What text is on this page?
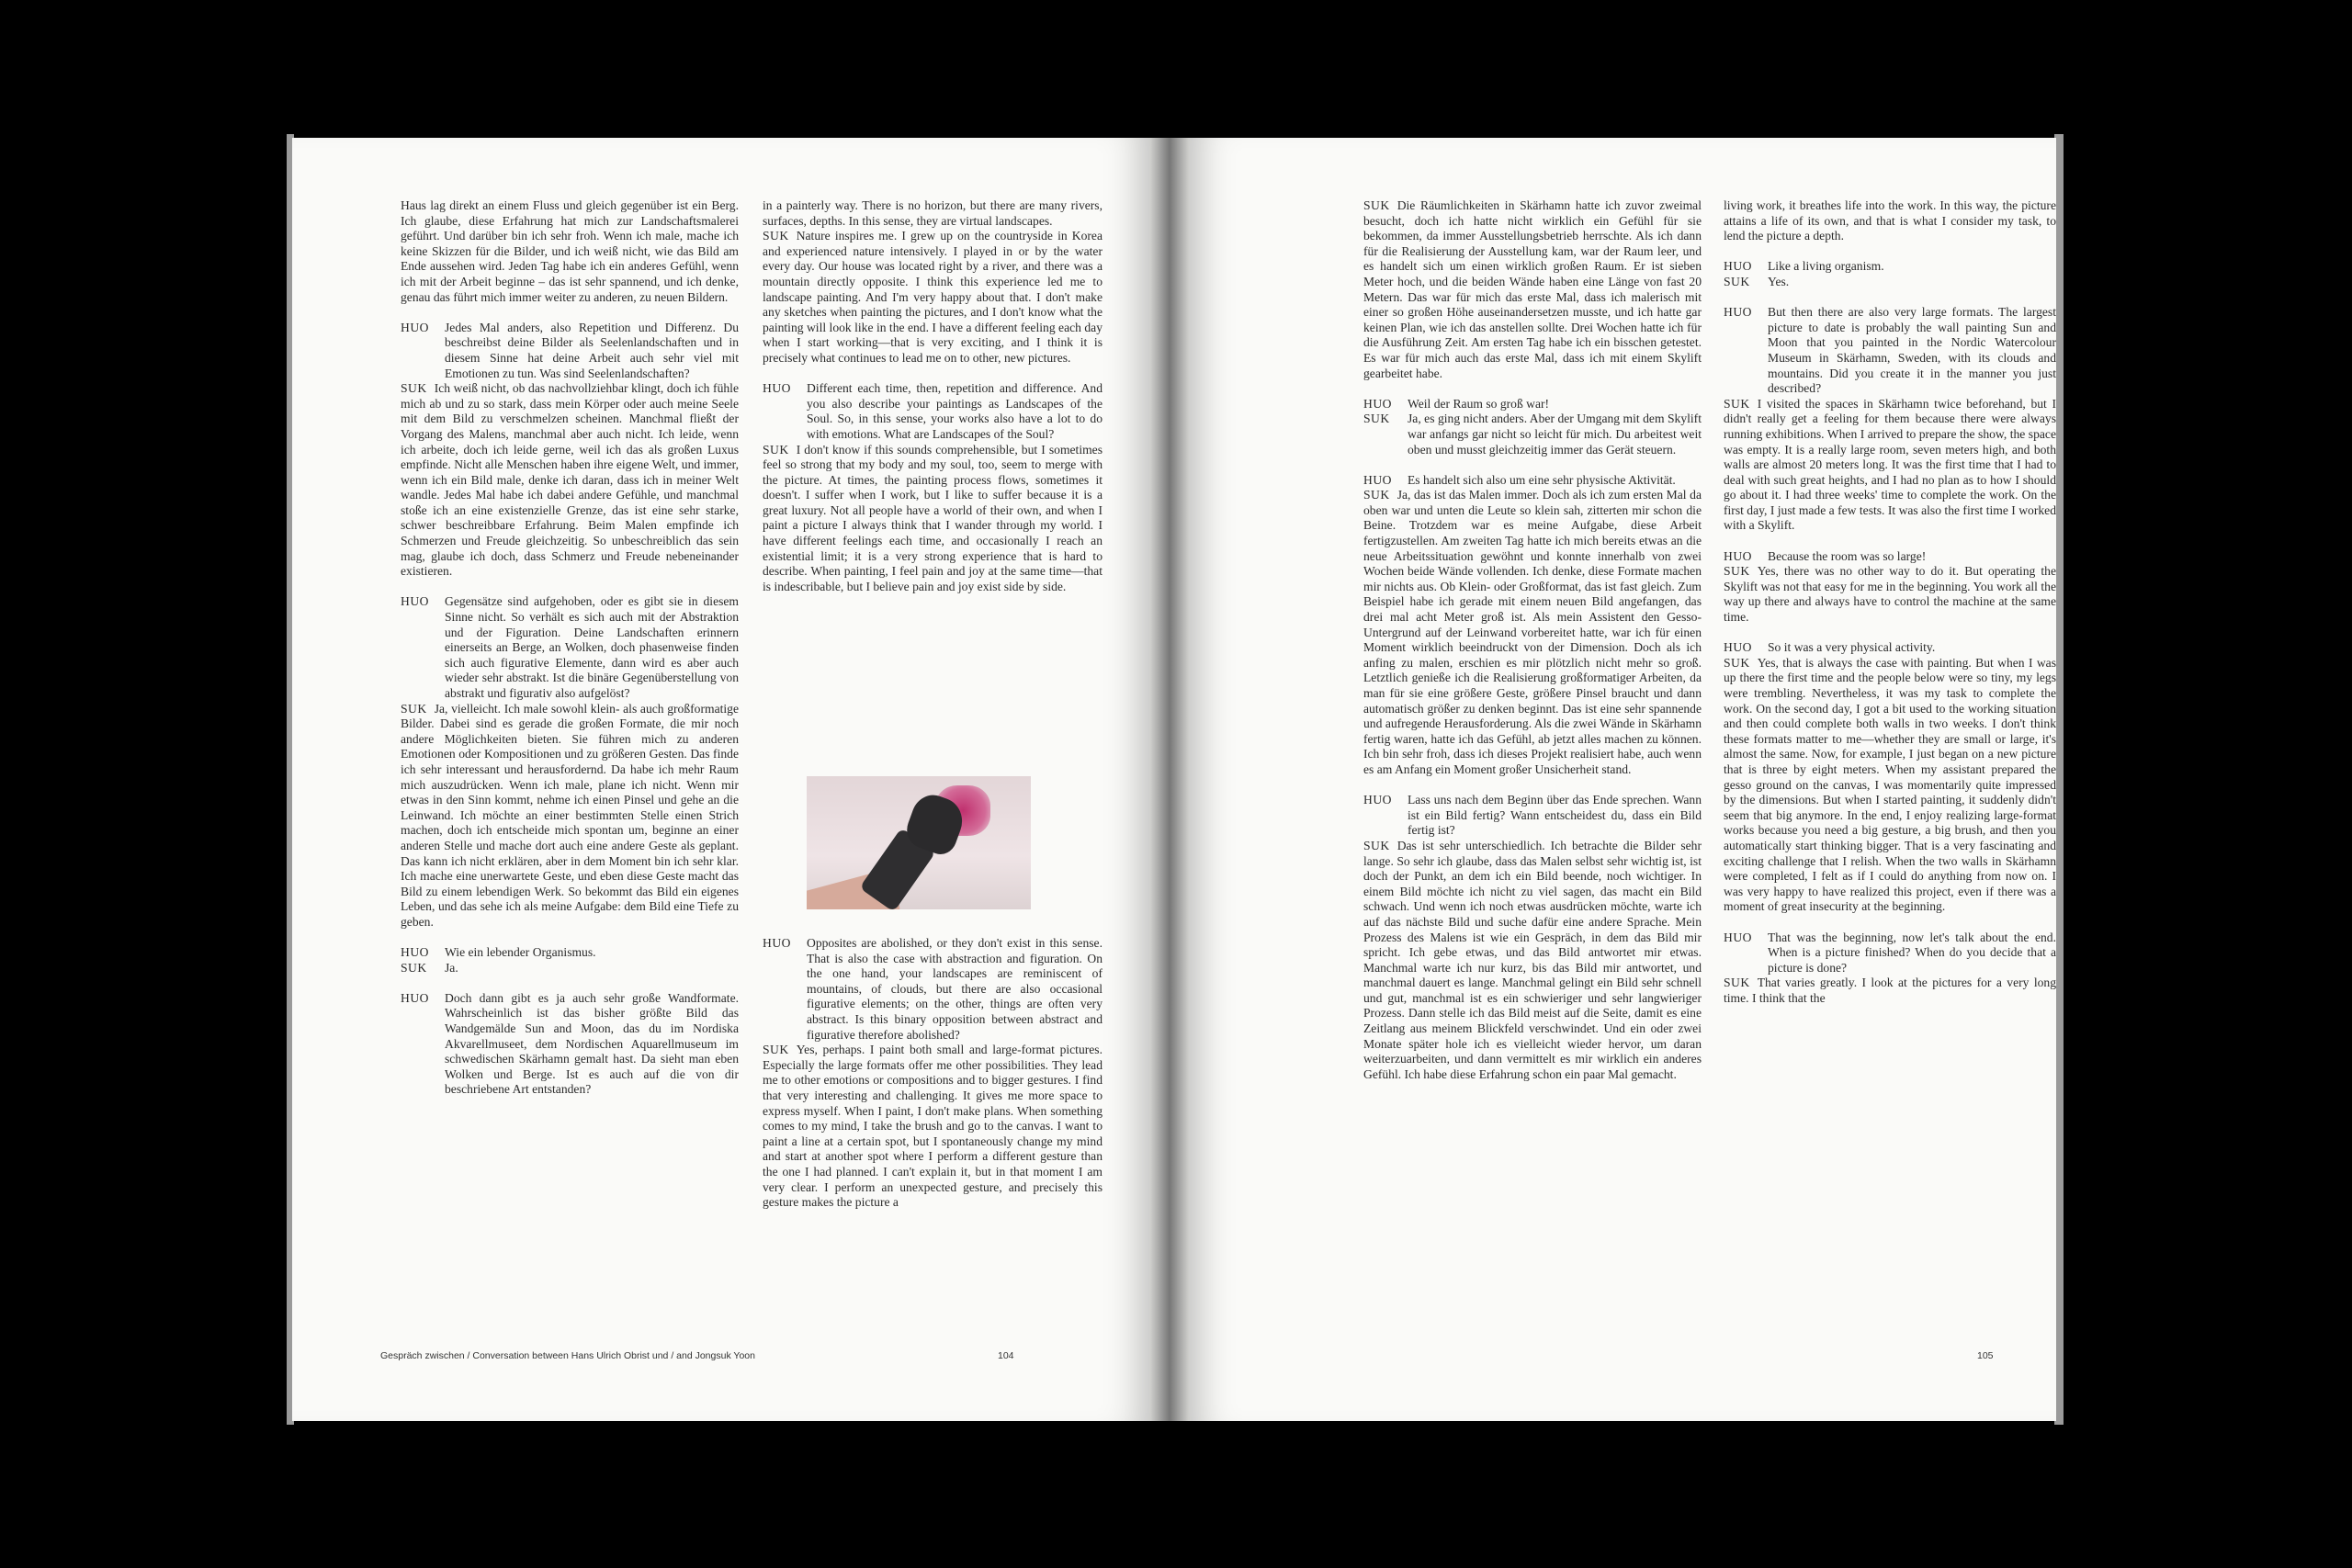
Haus lag direkt an einem Fluss und gleich gegenüber ist ein Berg. Ich glaube, diese Erfahrung hat mich zur Landschaftsmalerei geführt. Und darüber bin ich sehr froh. Wenn ich male, mache ich keine Skizzen für die Bilder, und ich weiß nicht, wie das Bild am Ende aussehen wird. Jeden Tag habe ich ein anderes Gefühl, wenn ich mit der Arbeit beginne – das ist sehr spannend, und ich denke, genau das führt mich immer weiter zu anderen, zu neuen Bildern.
HUO	Jedes Mal anders, also Repetition und Differenz. Du beschreibst deine Bilder als Seelenlandschaften und in diesem Sinne hat deine Arbeit auch sehr viel mit Emotionen zu tun. Was sind Seelenlandschaften?
SUK Ich weiß nicht, ob das nachvollziehbar klingt, doch ich fühle mich ab und zu so stark, dass mein Körper oder auch meine Seele mit dem Bild zu verschmelzen scheinen. Manchmal fließt der Vorgang des Malens, manchmal aber auch nicht. Ich leide, wenn ich arbeite, doch ich leide gerne, weil ich das als großen Luxus empfinde. Nicht alle Menschen haben ihre eigene Welt, und immer, wenn ich ein Bild male, denke ich daran, dass ich in meiner Welt wandle. Jedes Mal habe ich dabei andere Gefühle, und manchmal stoße ich an eine existenzielle Grenze, das ist eine sehr starke, schwer beschreibbare Erfahrung. Beim Malen empfinde ich Schmerzen und Freude gleichzeitig. So unbeschreiblich das sein mag, glaube ich doch, dass Schmerz und Freude nebeneinander existieren.
HUO	Gegensätze sind aufgehoben, oder es gibt sie in diesem Sinne nicht. So verhält es sich auch mit der Abstraktion und der Figuration. Deine Landschaften erinnern einerseits an Berge, an Wolken, doch phasenweise finden sich auch figurative Elemente, dann wird es aber auch wieder sehr abstrakt. Ist die binäre Gegenüberstellung von abstrakt und figurativ also aufgelöst?
SUK Ja, vielleicht. Ich male sowohl klein- als auch großformatige Bilder. Dabei sind es gerade die großen Formate, die mir noch andere Möglichkeiten bieten. Sie führen mich zu anderen Emotionen oder Kompositionen und zu größeren Gesten. Das finde ich sehr interessant und herausfordernd. Da habe ich mehr Raum mich auszudrücken. Wenn ich male, plane ich nicht. Wenn mir etwas in den Sinn kommt, nehme ich einen Pinsel und gehe an die Leinwand. Ich möchte an einer bestimmten Stelle einen Strich machen, doch ich entscheide mich spontan um, beginne an einer anderen Stelle und mache dort auch eine andere Geste als geplant. Das kann ich nicht erklären, aber in dem Moment bin ich sehr klar. Ich mache eine unerwartete Geste, und eben diese Geste macht das Bild zu einem lebendigen Werk. So bekommt das Bild ein eigenes Leben, und das sehe ich als meine Aufgabe: dem Bild eine Tiefe zu geben.
HUO	Wie ein lebender Organismus.
SUK	Ja.
HUO	Doch dann gibt es ja auch sehr große Wandformate. Wahrscheinlich ist das bisher größte Bild das Wandgemälde Sun and Moon, das du im Nordiska Akvarellmuseet, dem Nordischen Aquarellmuseum im schwedischen Skärhamn gemalt hast. Da sieht man eben Wolken und Berge. Ist es auch auf die von dir beschriebene Art entstanden?
in a painterly way. There is no horizon, but there are many rivers, surfaces, depths. In this sense, they are virtual landscapes.
SUK Nature inspires me. I grew up on the countryside in Korea and experienced nature intensively. I played in or by the water every day. Our house was located right by a river, and there was a mountain directly opposite. I think this experience led me to landscape painting. And I'm very happy about that. I don't make any sketches when painting the pictures, and I don't know what the painting will look like in the end. I have a different feeling each day when I start working—that is very exciting, and I think it is precisely what continues to lead me on to other, new pictures.
HUO	Different each time, then, repetition and difference. And you also describe your paintings as Landscapes of the Soul. So, in this sense, your works also have a lot to do with emotions. What are Landscapes of the Soul?
SUK I don't know if this sounds comprehensible, but I sometimes feel so strong that my body and my soul, too, seem to merge with the picture. At times, the painting process flows, sometimes it doesn't. I suffer when I work, but I like to suffer because it is a great luxury. Not all people have a world of their own, and when I paint a picture I always think that I wander through my world. I have different feelings each time, and occasionally I reach an existential limit; it is a very strong experience that is hard to describe. When painting, I feel pain and joy at the same time—that is indescribable, but I believe pain and joy exist side by side.
HUO	Opposites are abolished, or they don't exist in this sense. That is also the case with abstraction and figuration. On the one hand, your landscapes are reminiscent of mountains, of clouds, but there are also occasional figurative elements; on the other, things are often very abstract. Is this binary opposition between abstract and figurative therefore abolished?
SUK Yes, perhaps. I paint both small and large-format pictures. Especially the large formats offer me other possibilities. They lead me to other emotions or compositions and to bigger gestures. I find that very interesting and challenging. It gives me more space to express myself. When I paint, I don't make plans. When something comes to my mind, I take the brush and go to the canvas. I want to paint a line at a certain spot, but I spontaneously change my mind and start at another spot where I perform a different gesture than the one I had planned. I can't explain it, but in that moment I am very clear. I perform an unexpected gesture, and precisely this gesture makes the picture a
Gespräch zwischen / Conversation between Hans Ulrich Obrist und / and Jongsuk Yoon	104
SUK Die Räumlichkeiten in Skärhamn hatte ich zuvor zweimal besucht, doch ich hatte nicht wirklich ein Gefühl für sie bekommen, da immer Ausstellungsbetrieb herrschte. Als ich dann für die Realisierung der Ausstellung kam, war der Raum leer, und es handelt sich um einen wirklich großen Raum. Er ist sieben Meter hoch, und die beiden Wände haben eine Länge von fast 20 Metern. Das war für mich das erste Mal, dass ich malerisch mit einer so großen Höhe auseinandersetzen musste, und ich hatte gar keinen Plan, wie ich das anstellen sollte. Drei Wochen hatte ich für die Ausführung Zeit. Am ersten Tag habe ich ein bisschen getestet. Es war für mich auch das erste Mal, dass ich mit einem Skylift gearbeitet habe.
HUO	Weil der Raum so groß war!
SUK	Ja, es ging nicht anders. Aber der Umgang mit dem Skylift war anfangs gar nicht so leicht für mich. Du arbeitest weit oben und musst gleichzeitig immer das Gerät steuern.
HUO	Es handelt sich also um eine sehr physische Aktivität.
SUK Ja, das ist das Malen immer. Doch als ich zum ersten Mal da oben war und unten die Leute so klein sah, zitterten mir schon die Beine. Trotzdem war es meine Aufgabe, diese Arbeit fertigzustellen. Am zweiten Tag hatte ich mich bereits etwas an die neue Arbeitssituation gewöhnt und konnte innerhalb von zwei Wochen beide Wände vollenden. Ich denke, diese Formate machen mir nichts aus. Ob Klein- oder Großformat, das ist fast gleich. Zum Beispiel habe ich gerade mit einem neuen Bild angefangen, das drei mal acht Meter groß ist. Als mein Assistent den Gesso-Untergrund auf der Leinwand vorbereitet hatte, war ich für einen Moment wirklich beeindruckt von der Dimension. Doch als ich anfing zu malen, erschien es mir plötzlich nicht mehr so groß. Letztlich genieße ich die Realisierung großformatiger Arbeiten, da man für sie eine größere Geste, größere Pinsel braucht und dann automatisch größer zu denken beginnt. Das ist eine sehr spannende und aufregende Herausforderung. Als die zwei Wände in Skärhamn fertig waren, hatte ich das Gefühl, ab jetzt alles machen zu können. Ich bin sehr froh, dass ich dieses Projekt realisiert habe, auch wenn es am Anfang ein Moment großer Unsicherheit stand.
HUO	Lass uns nach dem Beginn über das Ende sprechen. Wann ist ein Bild fertig? Wann entscheidest du, dass ein Bild fertig ist?
SUK Das ist sehr unterschiedlich. Ich betrachte die Bilder sehr lange. So sehr ich glaube, dass das Malen selbst sehr wichtig ist, ist doch der Punkt, an dem ich ein Bild beende, noch wichtiger. In einem Bild möchte ich nicht zu viel sagen, das macht ein Bild schwach. Und wenn ich noch etwas ausdrücken möchte, warte ich auf das nächste Bild und suche dafür eine andere Sprache. Mein Prozess des Malens ist wie ein Gespräch, in dem das Bild mir spricht. Ich gebe etwas, und das Bild antwortet mir etwas. Manchmal warte ich nur kurz, bis das Bild mir antwortet, und manchmal dauert es lange. Manchmal gelingt ein Bild sehr schnell und gut, manchmal ist es ein schwieriger und sehr langwieriger Prozess. Dann stelle ich das Bild meist auf die Seite, damit es eine Zeitlang aus meinem Blickfeld verschwindet. Und ein oder zwei Monate später hole ich es vielleicht wieder hervor, um daran weiterzuarbeiten, und dann vermittelt es mir wirklich ein anderes Gefühl. Ich habe diese Erfahrung schon ein paar Mal gemacht.
living work, it breathes life into the work. In this way, the picture attains a life of its own, and that is what I consider my task, to lend the picture a depth.
HUO	Like a living organism.
SUK	Yes.
HUO	But then there are also very large formats. The largest picture to date is probably the wall painting Sun and Moon that you painted in the Nordic Watercolour Museum in Skärhamn, Sweden, with its clouds and mountains. Did you create it in the manner you just described?
SUK I visited the spaces in Skärhamn twice beforehand, but I didn't really get a feeling for them because there were always running exhibitions. When I arrived to prepare the show, the space was empty. It is a really large room, seven meters high, and both walls are almost 20 meters long. It was the first time that I had to deal with such great heights, and I had no plan as to how I should go about it. I had three weeks' time to complete the work. On the first day, I just made a few tests. It was also the first time I worked with a Skylift.
HUO	Because the room was so large!
SUK Yes, there was no other way to do it. But operating the Skylift was not that easy for me in the beginning. You work all the way up there and always have to control the machine at the same time.
HUO	So it was a very physical activity.
SUK Yes, that is always the case with painting. But when I was up there the first time and the people below were so tiny, my legs were trembling. Nevertheless, it was my task to complete the work. On the second day, I got a bit used to the working situation and then could complete both walls in two weeks. I don't think these formats matter to me—whether they are small or large, it's almost the same. Now, for example, I just began on a new picture that is three by eight meters. When my assistant prepared the gesso ground on the canvas, I was momentarily quite impressed by the dimensions. But when I started painting, it suddenly didn't seem that big anymore. In the end, I enjoy realizing large-format works because you need a big gesture, a big brush, and then you automatically start thinking bigger. That is a very fascinating and exciting challenge that I relish. When the two walls in Skärhamn were completed, I felt as if I could do anything from now on. I was very happy to have realized this project, even if there was a moment of great insecurity at the beginning.
HUO	That was the beginning, now let's talk about the end. When is a picture finished? When do you decide that a picture is done?
SUK That varies greatly. I look at the pictures for a very long time. I think that the
105
